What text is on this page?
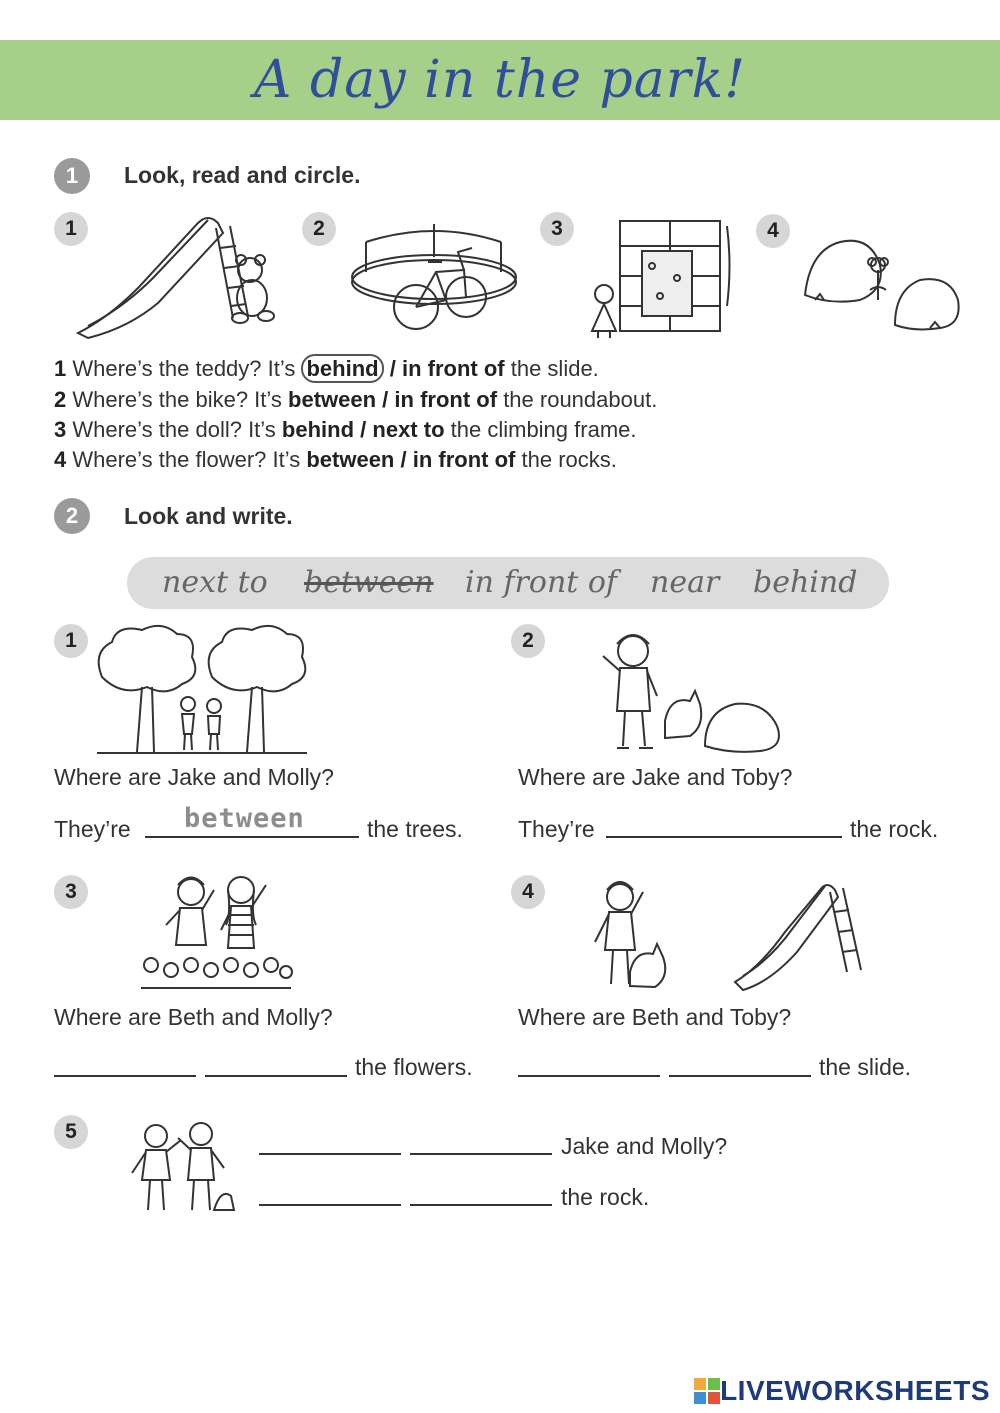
A day in the park!
1	Look, read and circle.
1	2	3	4
1 Where’s the teddy? It’s behind / in front of the slide.
2 Where’s the bike? It’s between / in front of the roundabout.
3 Where’s the doll? It’s behind / next to the climbing frame.
4 Where’s the flower? It’s between / in front of the rocks.
2	Look and write.
next to between in front of near behind
1
Where are Jake and Molly?
They’re between	the trees.
2
Where are Jake and Toby?
They’re	the rock.
3
Where are Beth and Molly?
the flowers.
4
Where are Beth and Toby?
the slide.
5
Jake and Molly?
the rock.
LIVEWORKSHEETS
